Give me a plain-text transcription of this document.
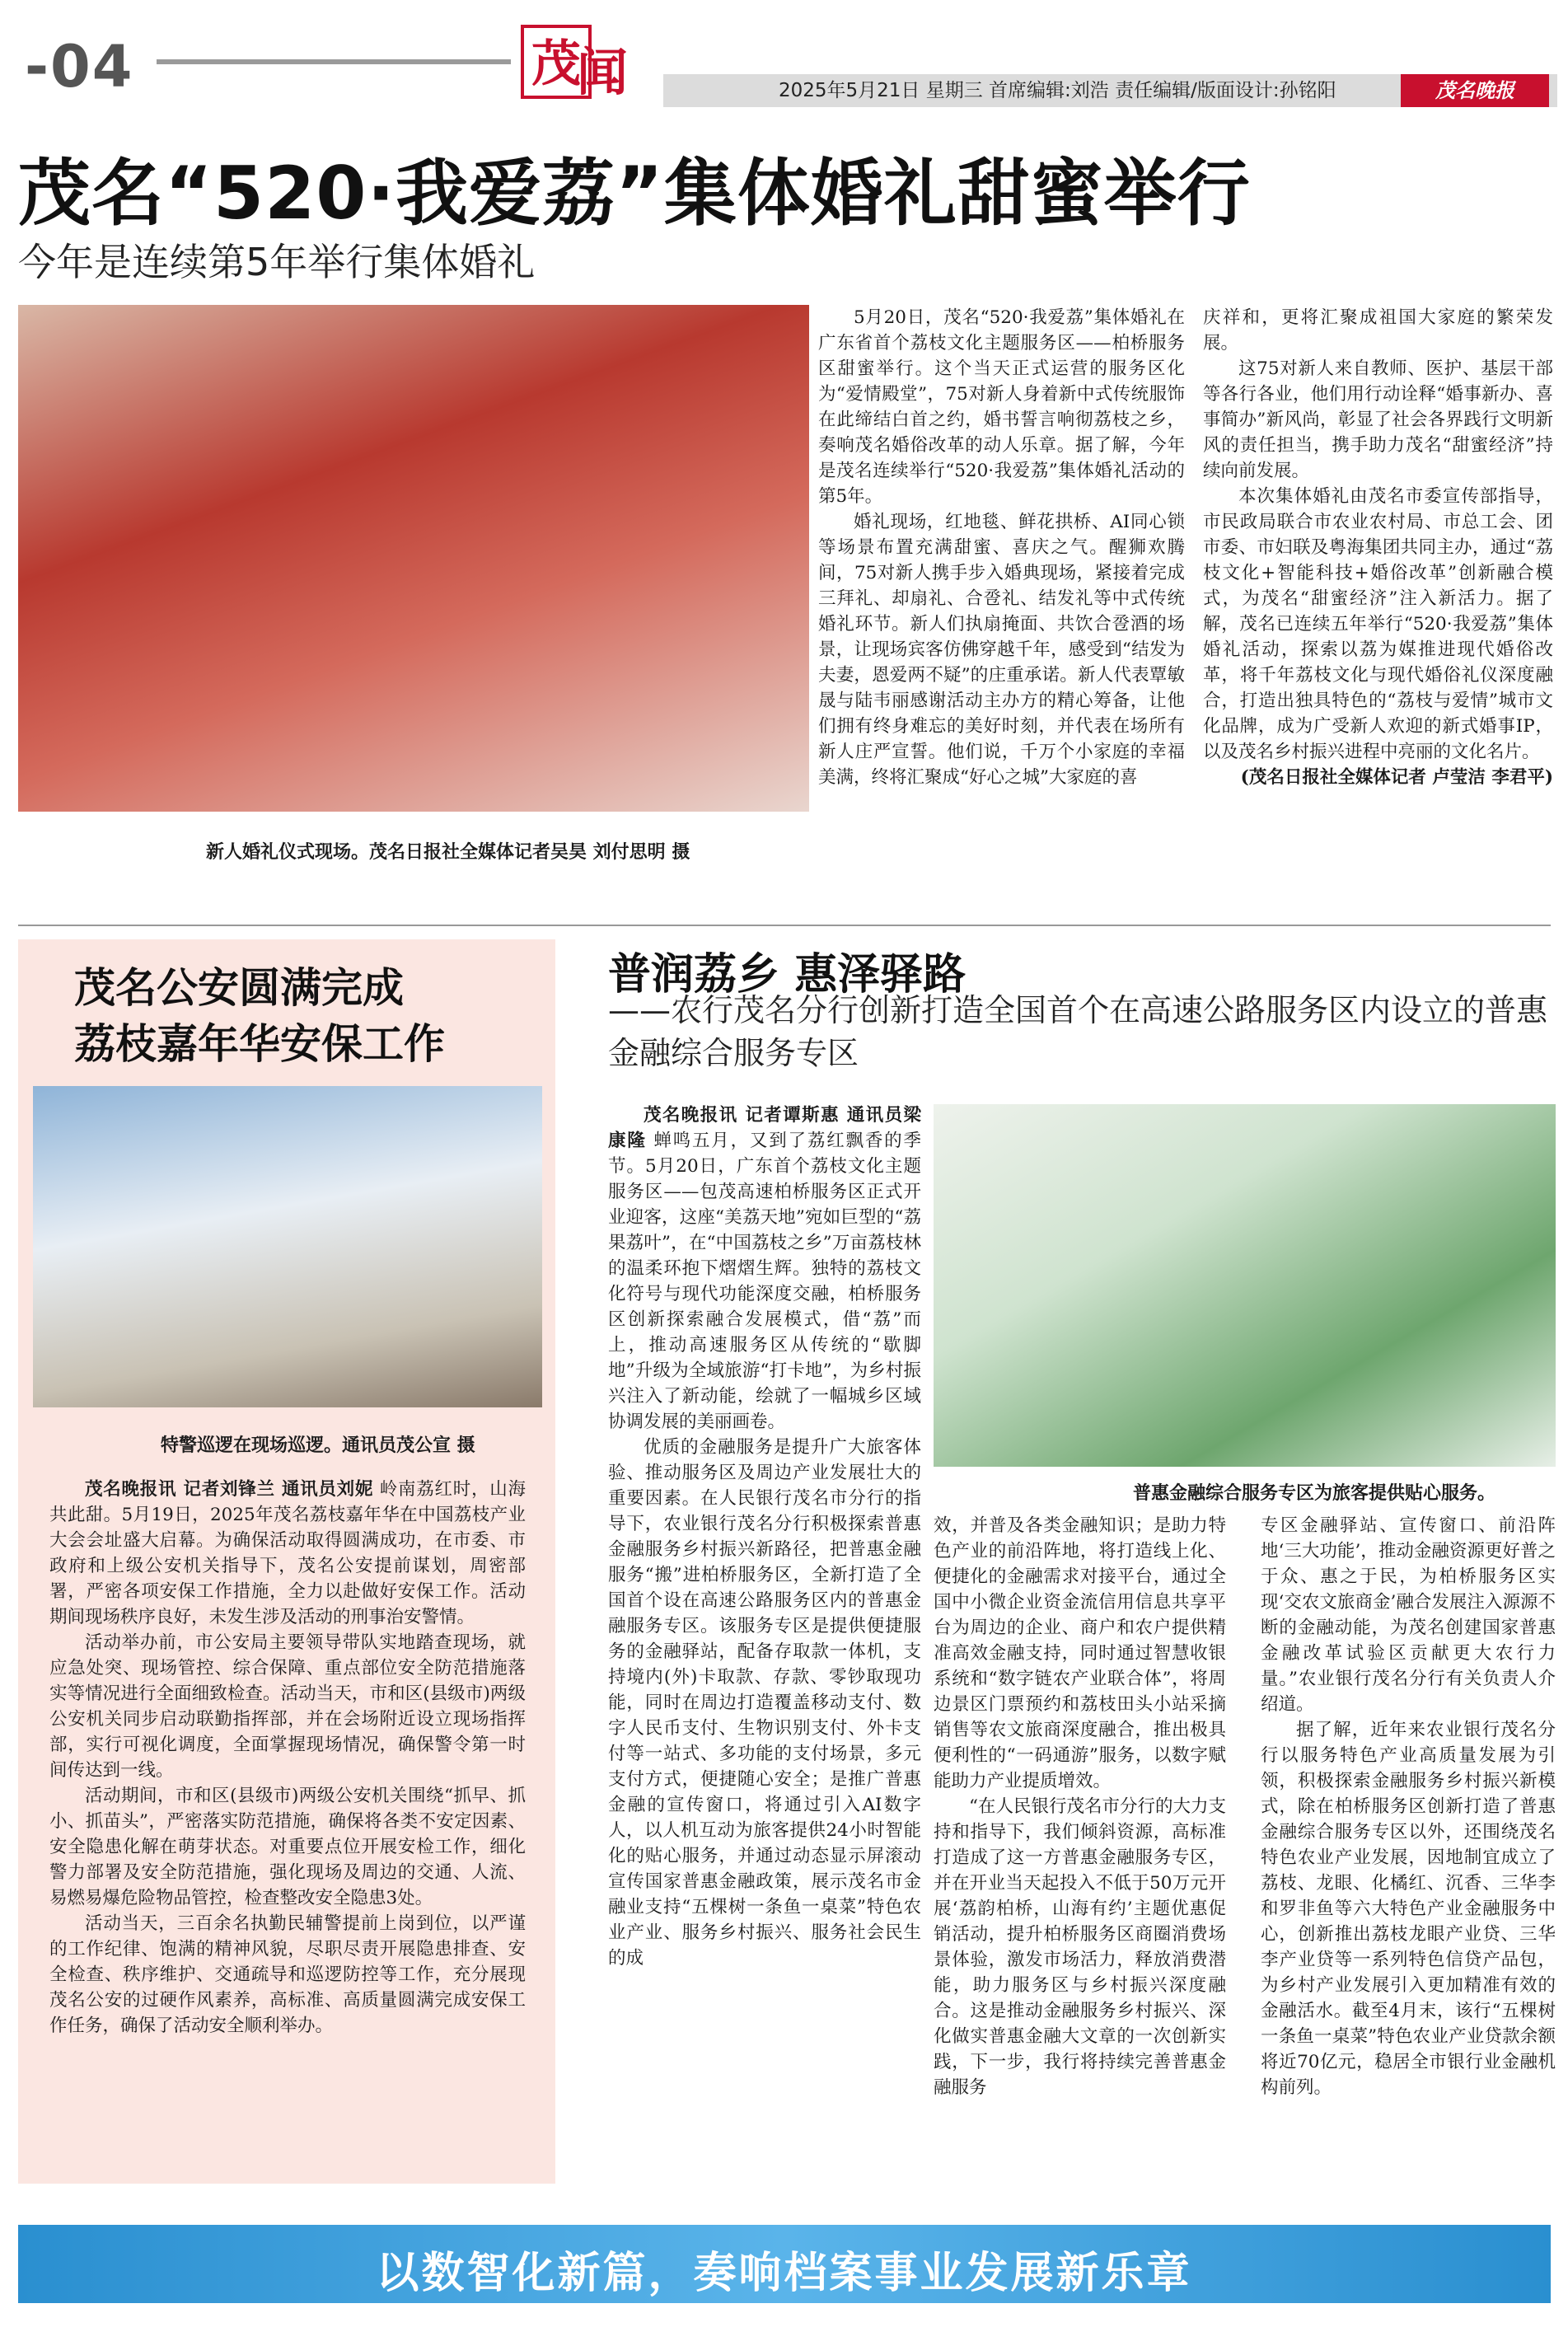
-04	茂
闻	2025年5月21日 星期三 首席编辑:刘浩 责任编辑/版面设计:孙铭阳	茂名晚报
茂名“520·我爱荔”集体婚礼甜蜜举行
今年是连续第5年举行集体婚礼
新人婚礼仪式现场。茂名日报社全媒体记者吴昊 刘付思明 摄

5月20日，茂名“520·我爱荔”集体婚礼在广东省首个荔枝文化主题服务区——柏桥服务区甜蜜举行。这个当天正式运营的服务区化为“爱情殿堂”，75对新人身着新中式传统服饰在此缔结白首之约，婚书誓言响彻荔枝之乡，奏响茂名婚俗改革的动人乐章。据了解，今年是茂名连续举行“520·我爱荔”集体婚礼活动的第5年。

婚礼现场，红地毯、鲜花拱桥、AI同心锁等场景布置充满甜蜜、喜庆之气。醒狮欢腾间，75对新人携手步入婚典现场，紧接着完成三拜礼、却扇礼、合卺礼、结发礼等中式传统婚礼环节。新人们执扇掩面、共饮合卺酒的场景，让现场宾客仿佛穿越千年，感受到“结发为夫妻，恩爱两不疑”的庄重承诺。新人代表覃敏晟与陆韦丽感谢活动主办方的精心筹备，让他们拥有终身难忘的美好时刻，并代表在场所有新人庄严宣誓。他们说，千万个小家庭的幸福美满，终将汇聚成“好心之城”大家庭的喜

庆祥和，更将汇聚成祖国大家庭的繁荣发展。

这75对新人来自教师、医护、基层干部等各行各业，他们用行动诠释“婚事新办、喜事简办”新风尚，彰显了社会各界践行文明新风的责任担当，携手助力茂名“甜蜜经济”持续向前发展。

本次集体婚礼由茂名市委宣传部指导，市民政局联合市农业农村局、市总工会、团市委、市妇联及粤海集团共同主办，通过“荔枝文化+智能科技+婚俗改革”创新融合模式，为茂名“甜蜜经济”注入新活力。据了解，茂名已连续五年举行“520·我爱荔”集体婚礼活动，探索以荔为媒推进现代婚俗改革，将千年荔枝文化与现代婚俗礼仪深度融合，打造出独具特色的“荔枝与爱情”城市文化品牌，成为广受新人欢迎的新式婚事IP，以及茂名乡村振兴进程中亮丽的文化名片。

(茂名日报社全媒体记者 卢莹洁 李君平)

茂名公安圆满完成
荔枝嘉年华安保工作
特警巡逻在现场巡逻。通讯员茂公宣 摄

茂名晚报讯 记者刘锋兰 通讯员刘妮 岭南荔红时，山海共此甜。5月19日，2025年茂名荔枝嘉年华在中国荔枝产业大会会址盛大启幕。为确保活动取得圆满成功，在市委、市政府和上级公安机关指导下，茂名公安提前谋划，周密部署，严密各项安保工作措施，全力以赴做好安保工作。活动期间现场秩序良好，未发生涉及活动的刑事治安警情。

活动举办前，市公安局主要领导带队实地踏查现场，就应急处突、现场管控、综合保障、重点部位安全防范措施落实等情况进行全面细致检查。活动当天，市和区(县级市)两级公安机关同步启动联勤指挥部，并在会场附近设立现场指挥部，实行可视化调度，全面掌握现场情况，确保警令第一时间传达到一线。

活动期间，市和区(县级市)两级公安机关围绕“抓早、抓小、抓苗头”，严密落实防范措施，确保将各类不安定因素、安全隐患化解在萌芽状态。对重要点位开展安检工作，细化警力部署及安全防范措施，强化现场及周边的交通、人流、易燃易爆危险物品管控，检查整改安全隐患3处。

活动当天，三百余名执勤民辅警提前上岗到位，以严谨的工作纪律、饱满的精神风貌，尽职尽责开展隐患排查、安全检查、秩序维护、交通疏导和巡逻防控等工作，充分展现茂名公安的过硬作风素养，高标准、高质量圆满完成安保工作任务，确保了活动安全顺利举办。

普润荔乡 惠泽驿路
——农行茂名分行创新打造全国首个在高速公路服务区内设立的普惠金融综合服务专区
普惠金融综合服务专区为旅客提供贴心服务。

茂名晚报讯 记者谭斯惠 通讯员梁康隆 蝉鸣五月，又到了荔红飘香的季节。5月20日，广东首个荔枝文化主题服务区——包茂高速柏桥服务区正式开业迎客，这座“美荔天地”宛如巨型的“荔果荔叶”，在“中国荔枝之乡”万亩荔枝林的温柔环抱下熠熠生辉。独特的荔枝文化符号与现代功能深度交融，柏桥服务区创新探索融合发展模式，借“荔”而上，推动高速服务区从传统的“歇脚地”升级为全域旅游“打卡地”，为乡村振兴注入了新动能，绘就了一幅城乡区域协调发展的美丽画卷。

优质的金融服务是提升广大旅客体验、推动服务区及周边产业发展壮大的重要因素。在人民银行茂名市分行的指导下，农业银行茂名分行积极探索普惠金融服务乡村振兴新路径，把普惠金融服务“搬”进柏桥服务区，全新打造了全国首个设在高速公路服务区内的普惠金融服务专区。该服务专区是提供便捷服务的金融驿站，配备存取款一体机，支持境内(外)卡取款、存款、零钞取现功能，同时在周边打造覆盖移动支付、数字人民币支付、生物识别支付、外卡支付等一站式、多功能的支付场景，多元支付方式，便捷随心安全；是推广普惠金融的宣传窗口，将通过引入AI数字人，以人机互动为旅客提供24小时智能化的贴心服务，并通过动态显示屏滚动宣传国家普惠金融政策，展示茂名市金融业支持“五棵树一条鱼一桌菜”特色农业产业、服务乡村振兴、服务社会民生的成

效，并普及各类金融知识；是助力特色产业的前沿阵地，将打造线上化、便捷化的金融需求对接平台，通过全国中小微企业资金流信用信息共享平台为周边的企业、商户和农户提供精准高效金融支持，同时通过智慧收银系统和“数字链农产业联合体”，将周边景区门票预约和荔枝田头小站采摘销售等农文旅商深度融合，推出极具便利性的“一码通游”服务，以数字赋能助力产业提质增效。

“在人民银行茂名市分行的大力支持和指导下，我们倾斜资源，高标准打造成了这一方普惠金融服务专区，并在开业当天起投入不低于50万元开展‘荔韵柏桥，山海有约’主题优惠促销活动，提升柏桥服务区商圈消费场景体验，激发市场活力，释放消费潜能，助力服务区与乡村振兴深度融合。这是推动金融服务乡村振兴、深化做实普惠金融大文章的一次创新实践，下一步，我行将持续完善普惠金融服务

专区金融驿站、宣传窗口、前沿阵地‘三大功能’，推动金融资源更好普之于众、惠之于民，为柏桥服务区实现‘交农文旅商金’融合发展注入源源不断的金融动能，为茂名创建国家普惠金融改革试验区贡献更大农行力量。”农业银行茂名分行有关负责人介绍道。

据了解，近年来农业银行茂名分行以服务特色产业高质量发展为引领，积极探索金融服务乡村振兴新模式，除在柏桥服务区创新打造了普惠金融综合服务专区以外，还围绕茂名特色农业产业发展，因地制宜成立了荔枝、龙眼、化橘红、沉香、三华李和罗非鱼等六大特色产业金融服务中心，创新推出荔枝龙眼产业贷、三华李产业贷等一系列特色信贷产品包，为乡村产业发展引入更加精准有效的金融活水。截至4月末，该行“五棵树一条鱼一桌菜”特色农业产业贷款余额将近70亿元，稳居全市银行业金融机构前列。

以数智化新篇，奏响档案事业发展新乐章
